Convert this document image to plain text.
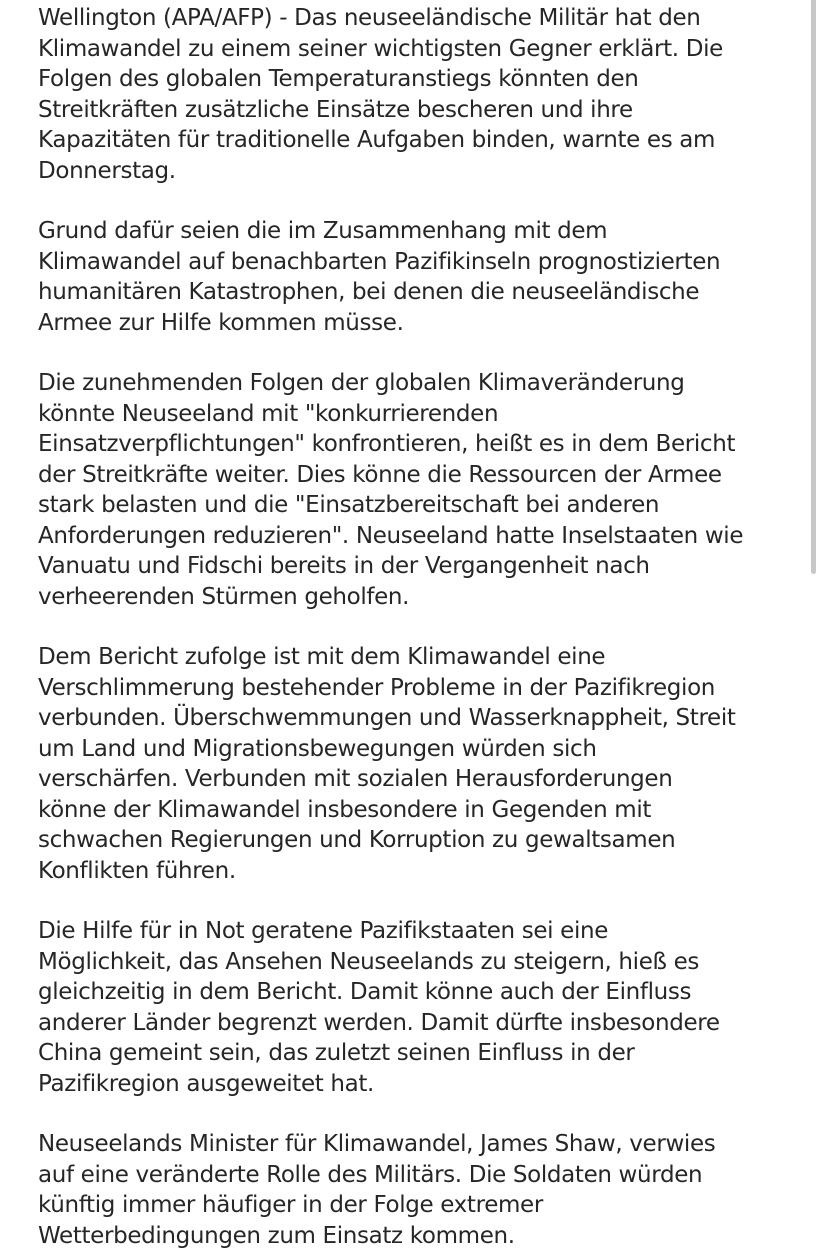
Wellington (APA/AFP) - Das neuseeländische Militär hat den
Klimawandel zu einem seiner wichtigsten Gegner erklärt. Die
Folgen des globalen Temperaturanstiegs könnten den
Streitkräften zusätzliche Einsätze bescheren und ihre
Kapazitäten für traditionelle Aufgaben binden, warnte es am
Donnerstag.

Grund dafür seien die im Zusammenhang mit dem
Klimawandel auf benachbarten Pazifikinseln prognostizierten
humanitären Katastrophen, bei denen die neuseeländische
Armee zur Hilfe kommen müsse.

Die zunehmenden Folgen der globalen Klimaveränderung
könnte Neuseeland mit "konkurrierenden
Einsatzverpflichtungen" konfrontieren, heißt es in dem Bericht
der Streitkräfte weiter. Dies könne die Ressourcen der Armee
stark belasten und die "Einsatzbereitschaft bei anderen
Anforderungen reduzieren". Neuseeland hatte Inselstaaten wie
Vanuatu und Fidschi bereits in der Vergangenheit nach
verheerenden Stürmen geholfen.

Dem Bericht zufolge ist mit dem Klimawandel eine
Verschlimmerung bestehender Probleme in der Pazifikregion
verbunden. Überschwemmungen und Wasserknappheit, Streit
um Land und Migrationsbewegungen würden sich
verschärfen. Verbunden mit sozialen Herausforderungen
könne der Klimawandel insbesondere in Gegenden mit
schwachen Regierungen und Korruption zu gewaltsamen
Konflikten führen.

Die Hilfe für in Not geratene Pazifikstaaten sei eine
Möglichkeit, das Ansehen Neuseelands zu steigern, hieß es
gleichzeitig in dem Bericht. Damit könne auch der Einfluss
anderer Länder begrenzt werden. Damit dürfte insbesondere
China gemeint sein, das zuletzt seinen Einfluss in der
Pazifikregion ausgeweitet hat.

Neuseelands Minister für Klimawandel, James Shaw, verwies
auf eine veränderte Rolle des Militärs. Die Soldaten würden
künftig immer häufiger in der Folge extremer
Wetterbedingungen zum Einsatz kommen.
